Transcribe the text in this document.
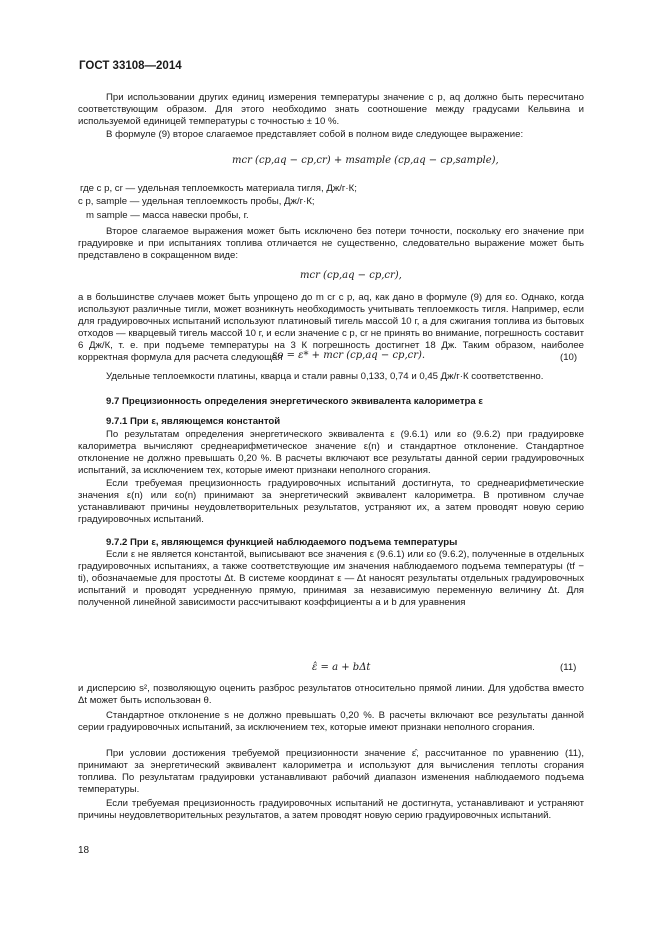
ГОСТ 33108—2014

При использовании других единиц измерения температуры значение c p, aq должно быть пересчитано соответствующим образом. Для этого необходимо знать соотношение между градусами Кельвина и используемой единицей температуры с точностью ± 10 %.

В формуле (9) второе слагаемое представляет собой в полном виде следующее выражение:

mcr (cp,aq − cp,cr) + msample (cp,aq − cp,sample),
где c p, cr — удельная теплоемкость материала тигля, Дж/г·К;
c p, sample — удельная теплоемкость пробы, Дж/г·К;
m sample — масса навески пробы, г.

Второе слагаемое выражения может быть исключено без потери точности, поскольку его значение при градуировке и при испытаниях топлива отличается не существенно, следовательно выражение может быть представлено в сокращенном виде:

mcr (cp,aq − cp,cr),

а в большинстве случаев может быть упрощено до m cr c p, aq, как дано в формуле (9) для εo. Однако, когда используют различные тигли, может возникнуть необходимость учитывать теплоемкость тигля. Например, если для градуировочных испытаний используют платиновый тигель массой 10 г, а для сжигания топлива из бытовых отходов — кварцевый тигель массой 10 г, и если значение c p, cr не принять во внимание, погрешность составит 6 Дж/К, т. е. при подъеме температуры на 3 К погрешность достигнет 18 Дж. Таким образом, наиболее корректная формула для расчета следующая

εo = ε* + mcr (cp,aq − cp,cr).	(10)

Удельные теплоемкости платины, кварца и стали равны 0,133, 0,74 и 0,45 Дж/г·К соответственно.

9.7 Прецизионность определения энергетического эквивалента калориметра ε
9.7.1 При ε, являющемся константой

По результатам определения энергетического эквивалента ε (9.6.1) или εo (9.6.2) при градуировке калориметра вычисляют среднеарифметическое значение ε(n) и стандартное отклонение. Стандартное отклонение не должно превышать 0,20 %. В расчеты включают все результаты данной серии градуировочных испытаний, за исключением тех, которые имеют признаки неполного сгорания.

Если требуемая прецизионность градуировочных испытаний достигнута, то среднеарифметические значения ε(n) или εo(n) принимают за энергетический эквивалент калориметра. В противном случае устанавливают причины неудовлетворительных результатов, устраняют их, а затем проводят новую серию градуировочных испытаний.

9.7.2 При ε, являющемся функцией наблюдаемого подъема температуры

Если ε не является константой, выписывают все значения ε (9.6.1) или εo (9.6.2), полученные в отдельных градуировочных испытаниях, а также соответствующие им значения наблюдаемого подъема температуры (tf − ti), обозначаемые для простоты Δt. В системе координат ε — Δt наносят результаты отдельных градуировочных испытаний и проводят усредненную прямую, принимая за независимую переменную величину Δt. Для полученной линейной зависимости рассчитывают коэффициенты a и b для уравнения

ε̂ = a + bΔt	(11)

и дисперсию s², позволяющую оценить разброс результатов относительно прямой линии. Для удобства вместо Δt может быть использован θ.

Стандартное отклонение s не должно превышать 0,20 %. В расчеты включают все результаты данной серии градуировочных испытаний, за исключением тех, которые имеют признаки неполного сгорания.

При условии достижения требуемой прецизионности значение ε̂, рассчитанное по уравнению (11), принимают за энергетический эквивалент калориметра и используют для вычисления теплоты сгорания топлива. По результатам градуировки устанавливают рабочий диапазон изменения наблюдаемого подъема температуры.

Если требуемая прецизионность градуировочных испытаний не достигнута, устанавливают и устраняют причины неудовлетворительных результатов, а затем проводят новую серию градуировочных испытаний.

18
